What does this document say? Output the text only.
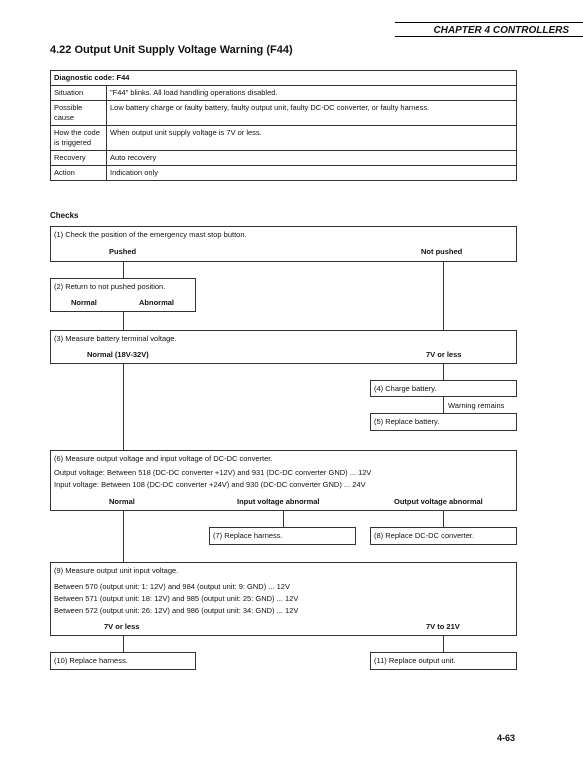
CHAPTER 4 CONTROLLERS
4.22 Output Unit Supply Voltage Warning (F44)
Diagnostic code: F44	
Situation	"F44" blinks. All load handling operations disabled.
Possible cause	Low battery charge or faulty battery, faulty output unit, faulty DC-DC converter, or faulty harness.
How the code is triggered	When output unit supply voltage is 7V or less.
Recovery	Auto recovery
Action	Indication only
Checks
(1) Check the position of the emergency mast stop button.
Pushed	Not pushed
(2) Return to not pushed position.
Normal	Abnormal
(3) Measure battery terminal voltage.
Normal (18V-32V)	7V or less
(4) Charge battery.
Warning remains
(5) Replace battery.
(6) Measure output voltage and input voltage of DC-DC converter.
Output voltage: Between 518 (DC-DC converter +12V) and 931 (DC-DC converter GND) ... 12V
Input voltage: Between 108 (DC-DC converter +24V) and 930 (DC-DC converter GND) ... 24V
Normal	Input voltage abnormal	Output voltage abnormal
(7) Replace harness.	(8) Replace DC-DC converter.
(9) Measure output unit input voltage.
Between 570 (output unit: 1: 12V) and 984 (output unit: 9: GND) ... 12V
Between 571 (output unit: 18: 12V) and 985 (output unit: 25: GND) ... 12V
Between 572 (output unit: 26: 12V) and 986 (output unit: 34: GND) ... 12V
7V or less	7V to 21V
(10) Replace harness.	(11) Replace output unit.
4-63
